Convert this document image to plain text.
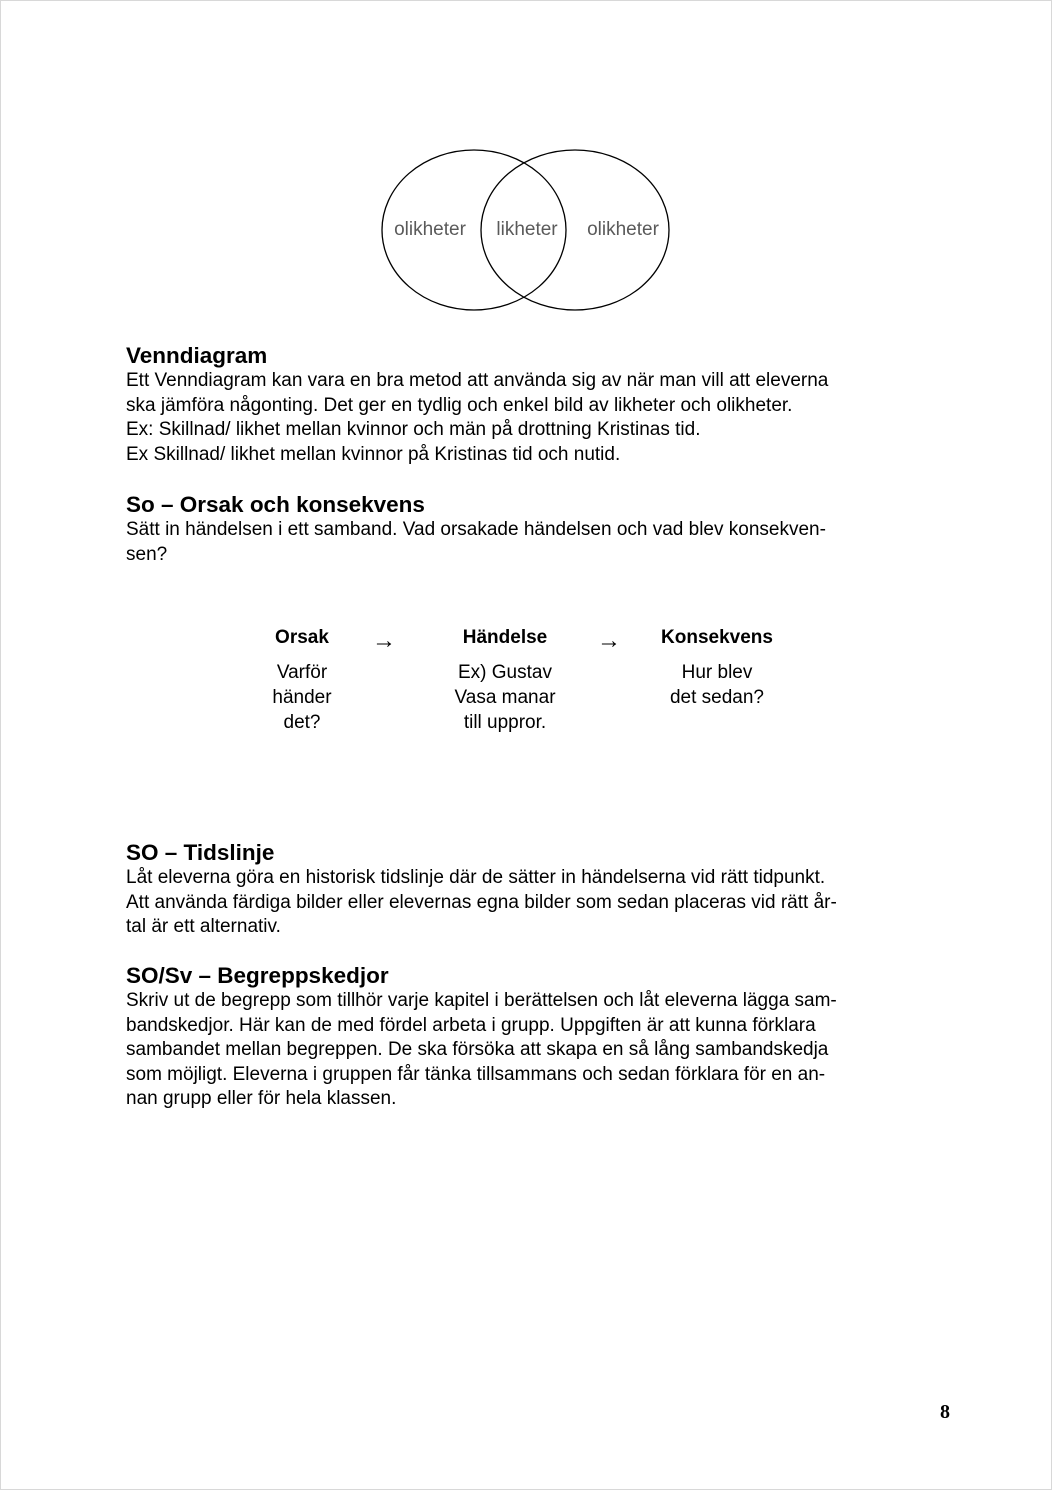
olikheter likheter olikheter
Venndiagram

Ett Venndiagram kan vara en bra metod att använda sig av när man vill att eleverna

ska jämföra någonting. Det ger en tydlig och enkel bild av likheter och olikheter.

Ex: Skillnad/ likhet mellan kvinnor och män på drottning Kristinas tid.

Ex Skillnad/ likhet mellan kvinnor på Kristinas tid och nutid.

So – Orsak och konsekvens

Sätt in händelsen i ett samband. Vad orsakade händelsen och vad blev konsekven-

sen?

Orsak
Varför
händer
det?
→	Händelse
Ex) Gustav
Vasa manar
till uppror.
→ Konsekvens
Hur blev
det sedan?
SO – Tidslinje

Låt eleverna göra en historisk tidslinje där de sätter in händelserna vid rätt tidpunkt.

Att använda färdiga bilder eller elevernas egna bilder som sedan placeras vid rätt år-

tal är ett alternativ.

SO/Sv – Begreppskedjor

Skriv ut de begrepp som tillhör varje kapitel i berättelsen och låt eleverna lägga sam-

bandskedjor. Här kan de med fördel arbeta i grupp. Uppgiften är att kunna förklara

sambandet mellan begreppen. De ska försöka att skapa en så lång sambandskedja

som möjligt. Eleverna i gruppen får tänka tillsammans och sedan förklara för en an-

nan grupp eller för hela klassen.

8
